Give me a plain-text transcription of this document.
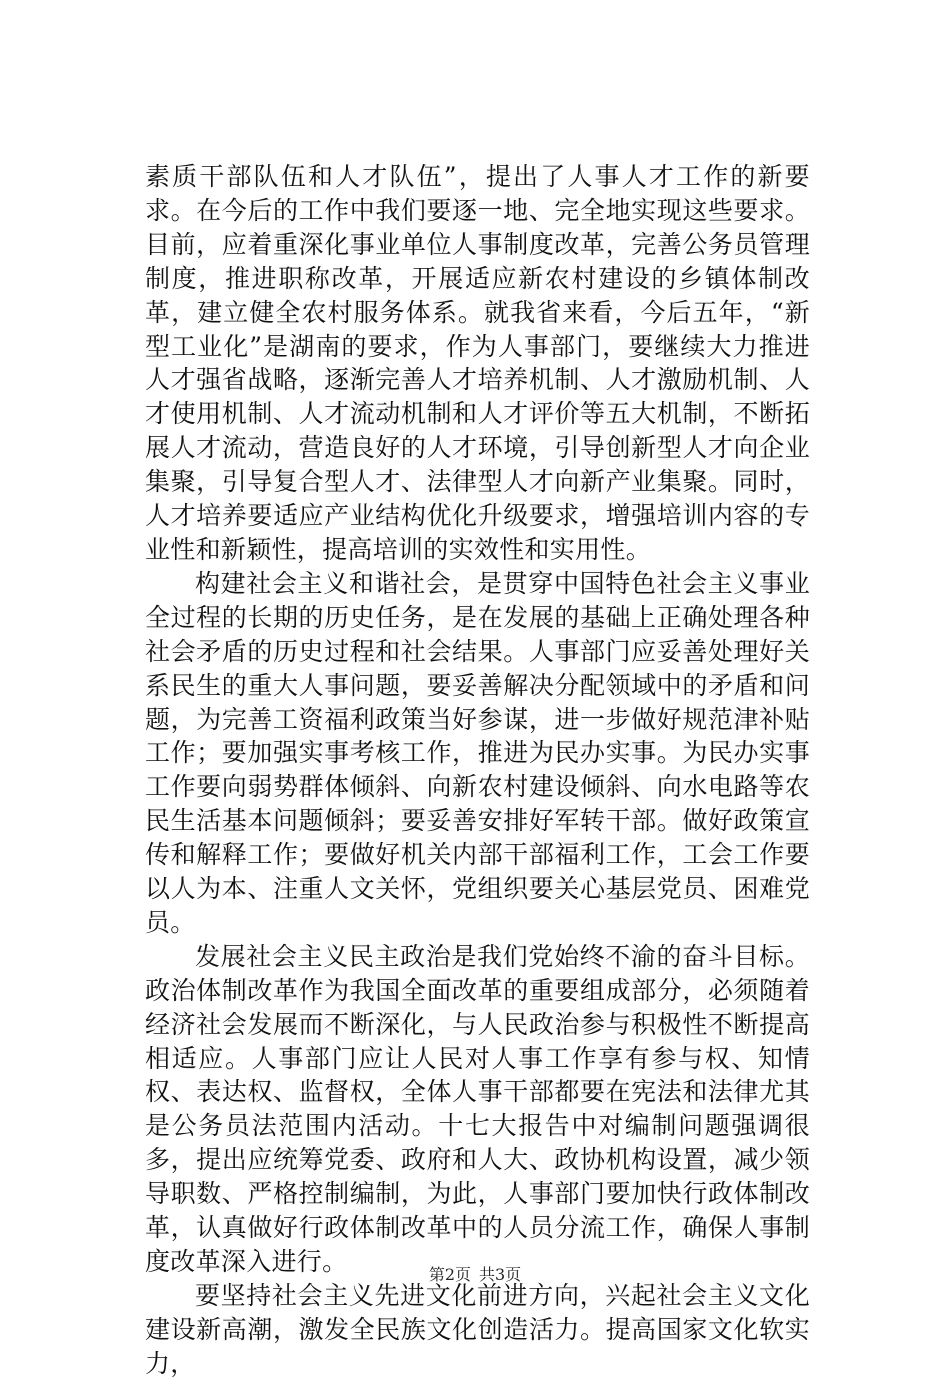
素质干部队伍和人才队伍”，提出了人事人才工作的新要求。在今后的工作中我们要逐一地、完全地实现这些要求。目前，应着重深化事业单位人事制度改革，完善公务员管理制度，推进职称改革，开展适应新农村建设的乡镇体制改革，建立健全农村服务体系。就我省来看，今后五年，“新型工业化”是湖南的要求，作为人事部门，要继续大力推进人才强省战略，逐渐完善人才培养机制、人才激励机制、人才使用机制、人才流动机制和人才评价等五大机制，不断拓展人才流动，营造良好的人才环境，引导创新型人才向企业集聚，引导复合型人才、法律型人才向新产业集聚。同时，人才培养要适应产业结构优化升级要求，增强培训内容的专业性和新颖性，提高培训的实效性和实用性。

构建社会主义和谐社会，是贯穿中国特色社会主义事业全过程的长期的历史任务，是在发展的基础上正确处理各种社会矛盾的历史过程和社会结果。人事部门应妥善处理好关系民生的重大人事问题，要妥善解决分配领域中的矛盾和问题，为完善工资福利政策当好参谋，进一步做好规范津补贴工作；要加强实事考核工作，推进为民办实事。为民办实事工作要向弱势群体倾斜、向新农村建设倾斜、向水电路等农民生活基本问题倾斜；要妥善安排好军转干部。做好政策宣传和解释工作；要做好机关内部干部福利工作，工会工作要以人为本、注重人文关怀，党组织要关心基层党员、困难党员。

发展社会主义民主政治是我们党始终不渝的奋斗目标。政治体制改革作为我国全面改革的重要组成部分，必须随着经济社会发展而不断深化，与人民政治参与积极性不断提高相适应。人事部门应让人民对人事工作享有参与权、知情权、表达权、监督权，全体人事干部都要在宪法和法律尤其是公务员法范围内活动。十七大报告中对编制问题强调很多，提出应统筹党委、政府和人大、政协机构设置，减少领导职数、严格控制编制，为此，人事部门要加快行政体制改革，认真做好行政体制改革中的人员分流工作，确保人事制度改革深入进行。

要坚持社会主义先进文化前进方向，兴起社会主义文化建设新高潮，激发全民族文化创造活力。提高国家文化软实力，

第2页 共3页
